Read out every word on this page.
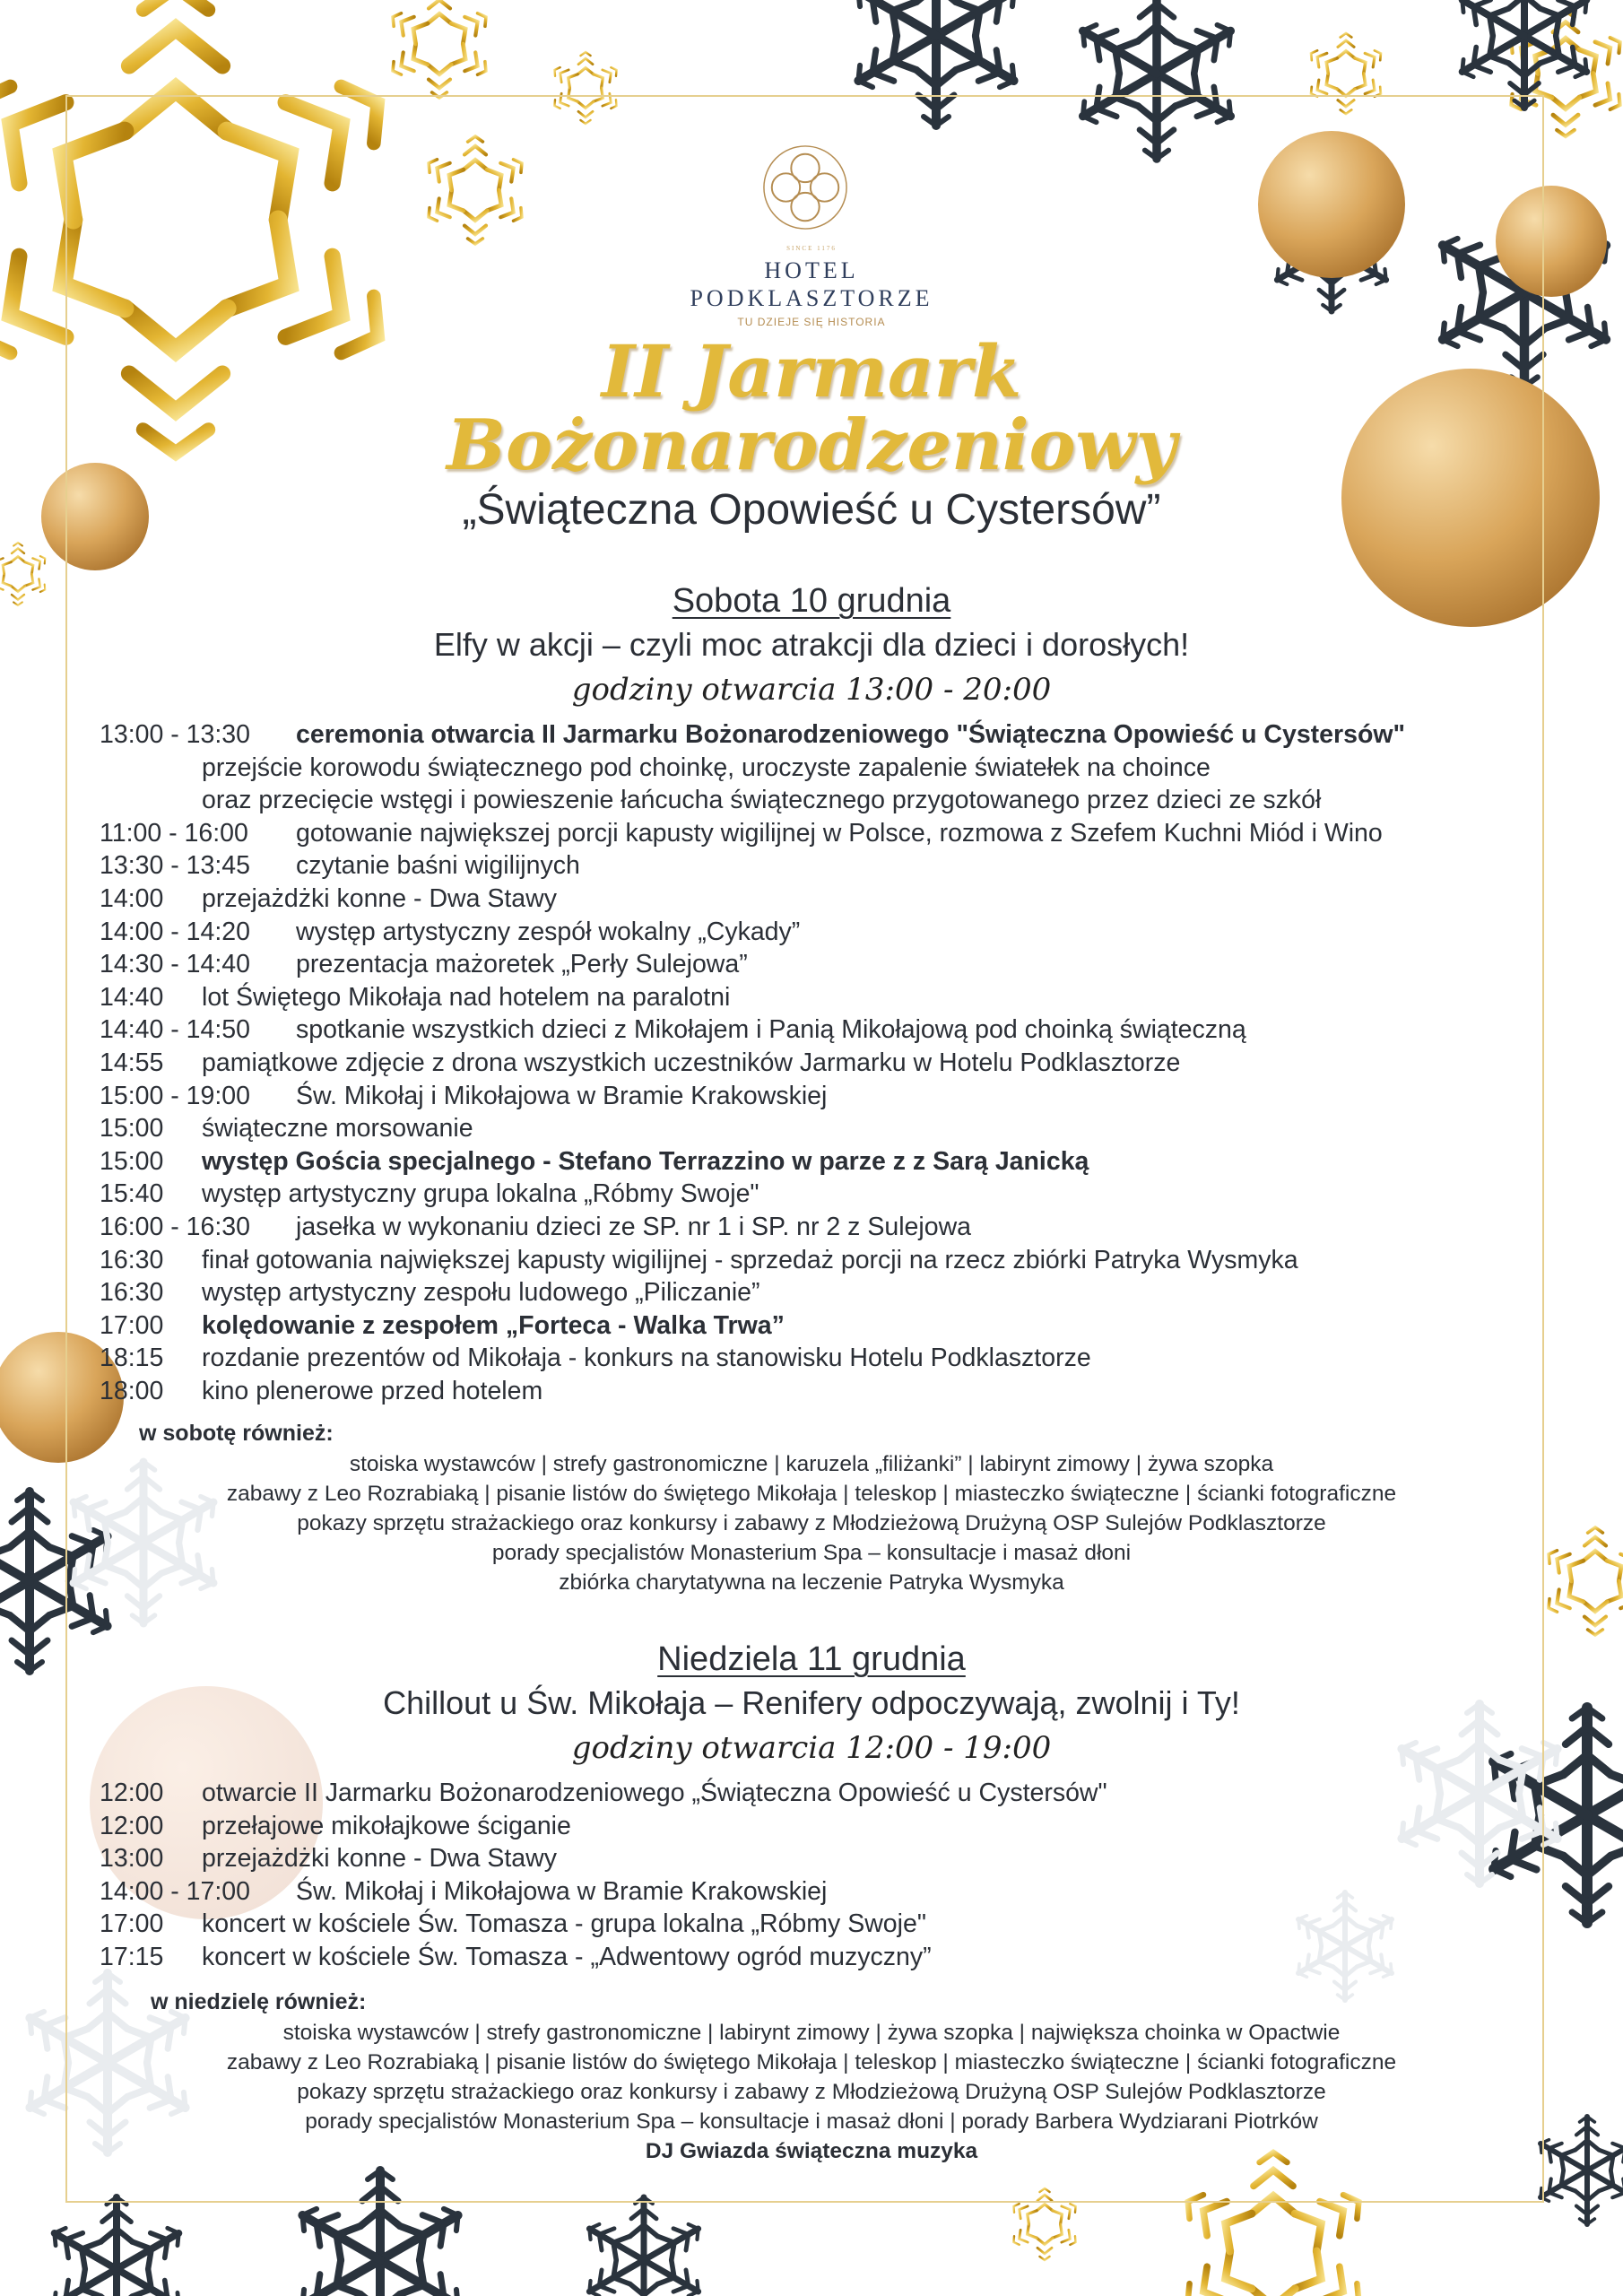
SINCE 1176
HOTEL
PODKLASZTORZE
TU DZIEJE SIĘ HISTORIA
II Jarmark
Bożonarodzeniowy
„Świąteczna Opowieść u Cystersów”
Sobota 10 grudnia
Elfy w akcji – czyli moc atrakcji dla dzieci i dorosłych!
godziny otwarcia 13:00 - 20:00
13:00 - 13:30 ceremonia otwarcia II Jarmarku Bożonarodzeniowego "Świąteczna Opowieść u Cystersów"
przejście korowodu świątecznego pod choinkę, uroczyste zapalenie światełek na choince
oraz przecięcie wstęgi i powieszenie łańcucha świątecznego przygotowanego przez dzieci ze szkół
11:00 - 16:00 gotowanie największej porcji kapusty wigilijnej w Polsce, rozmowa z Szefem Kuchni Miód i Wino
13:30 - 13:45 czytanie baśni wigilijnych
14:00 przejażdżki konne - Dwa Stawy
14:00 - 14:20 występ artystyczny zespół wokalny „Cykady”
14:30 - 14:40 prezentacja mażoretek „Perły Sulejowa”
14:40 lot Świętego Mikołaja nad hotelem na paralotni
14:40 - 14:50 spotkanie wszystkich dzieci z Mikołajem i Panią Mikołajową pod choinką świąteczną
14:55 pamiątkowe zdjęcie z drona wszystkich uczestników Jarmarku w Hotelu Podklasztorze
15:00 - 19:00 Św. Mikołaj i Mikołajowa w Bramie Krakowskiej
15:00 świąteczne morsowanie
15:00 występ Gościa specjalnego - Stefano Terrazzino w parze z z Sarą Janicką
15:40 występ artystyczny grupa lokalna „Róbmy Swoje"
16:00 - 16:30 jasełka w wykonaniu dzieci ze SP. nr 1 i SP. nr 2 z Sulejowa
16:30 finał gotowania największej kapusty wigilijnej - sprzedaż porcji na rzecz zbiórki Patryka Wysmyka
16:30 występ artystyczny zespołu ludowego „Piliczanie”
17:00 kolędowanie z zespołem „Forteca - Walka Trwa”
18:15 rozdanie prezentów od Mikołaja - konkurs na stanowisku Hotelu Podklasztorze
18:00 kino plenerowe przed hotelem
w sobotę również:
stoiska wystawców | strefy gastronomiczne | karuzela „filiżanki” | labirynt zimowy | żywa szopka
zabawy z Leo Rozrabiaką | pisanie listów do świętego Mikołaja | teleskop | miasteczko świąteczne | ścianki fotograficzne
pokazy sprzętu strażackiego oraz konkursy i zabawy z Młodzieżową Drużyną OSP Sulejów Podklasztorze
porady specjalistów Monasterium Spa – konsultacje i masaż dłoni
zbiórka charytatywna na leczenie Patryka Wysmyka
Niedziela 11 grudnia
Chillout u Św. Mikołaja – Renifery odpoczywają, zwolnij i Ty!
godziny otwarcia 12:00 - 19:00
12:00 otwarcie II Jarmarku Bożonarodzeniowego „Świąteczna Opowieść u Cystersów"
12:00 przełajowe mikołajkowe ściganie
13:00 przejażdżki konne - Dwa Stawy
14:00 - 17:00 Św. Mikołaj i Mikołajowa w Bramie Krakowskiej
17:00 koncert w kościele Św. Tomasza - grupa lokalna „Róbmy Swoje"
17:15 koncert w kościele Św. Tomasza - „Adwentowy ogród muzyczny”
w niedzielę również:
stoiska wystawców | strefy gastronomiczne | labirynt zimowy | żywa szopka | największa choinka w Opactwie
zabawy z Leo Rozrabiaką | pisanie listów do świętego Mikołaja | teleskop | miasteczko świąteczne | ścianki fotograficzne
pokazy sprzętu strażackiego oraz konkursy i zabawy z Młodzieżową Drużyną OSP Sulejów Podklasztorze
porady specjalistów Monasterium Spa – konsultacje i masaż dłoni | porady Barbera Wydziarani Piotrków
DJ Gwiazda świąteczna muzyka
